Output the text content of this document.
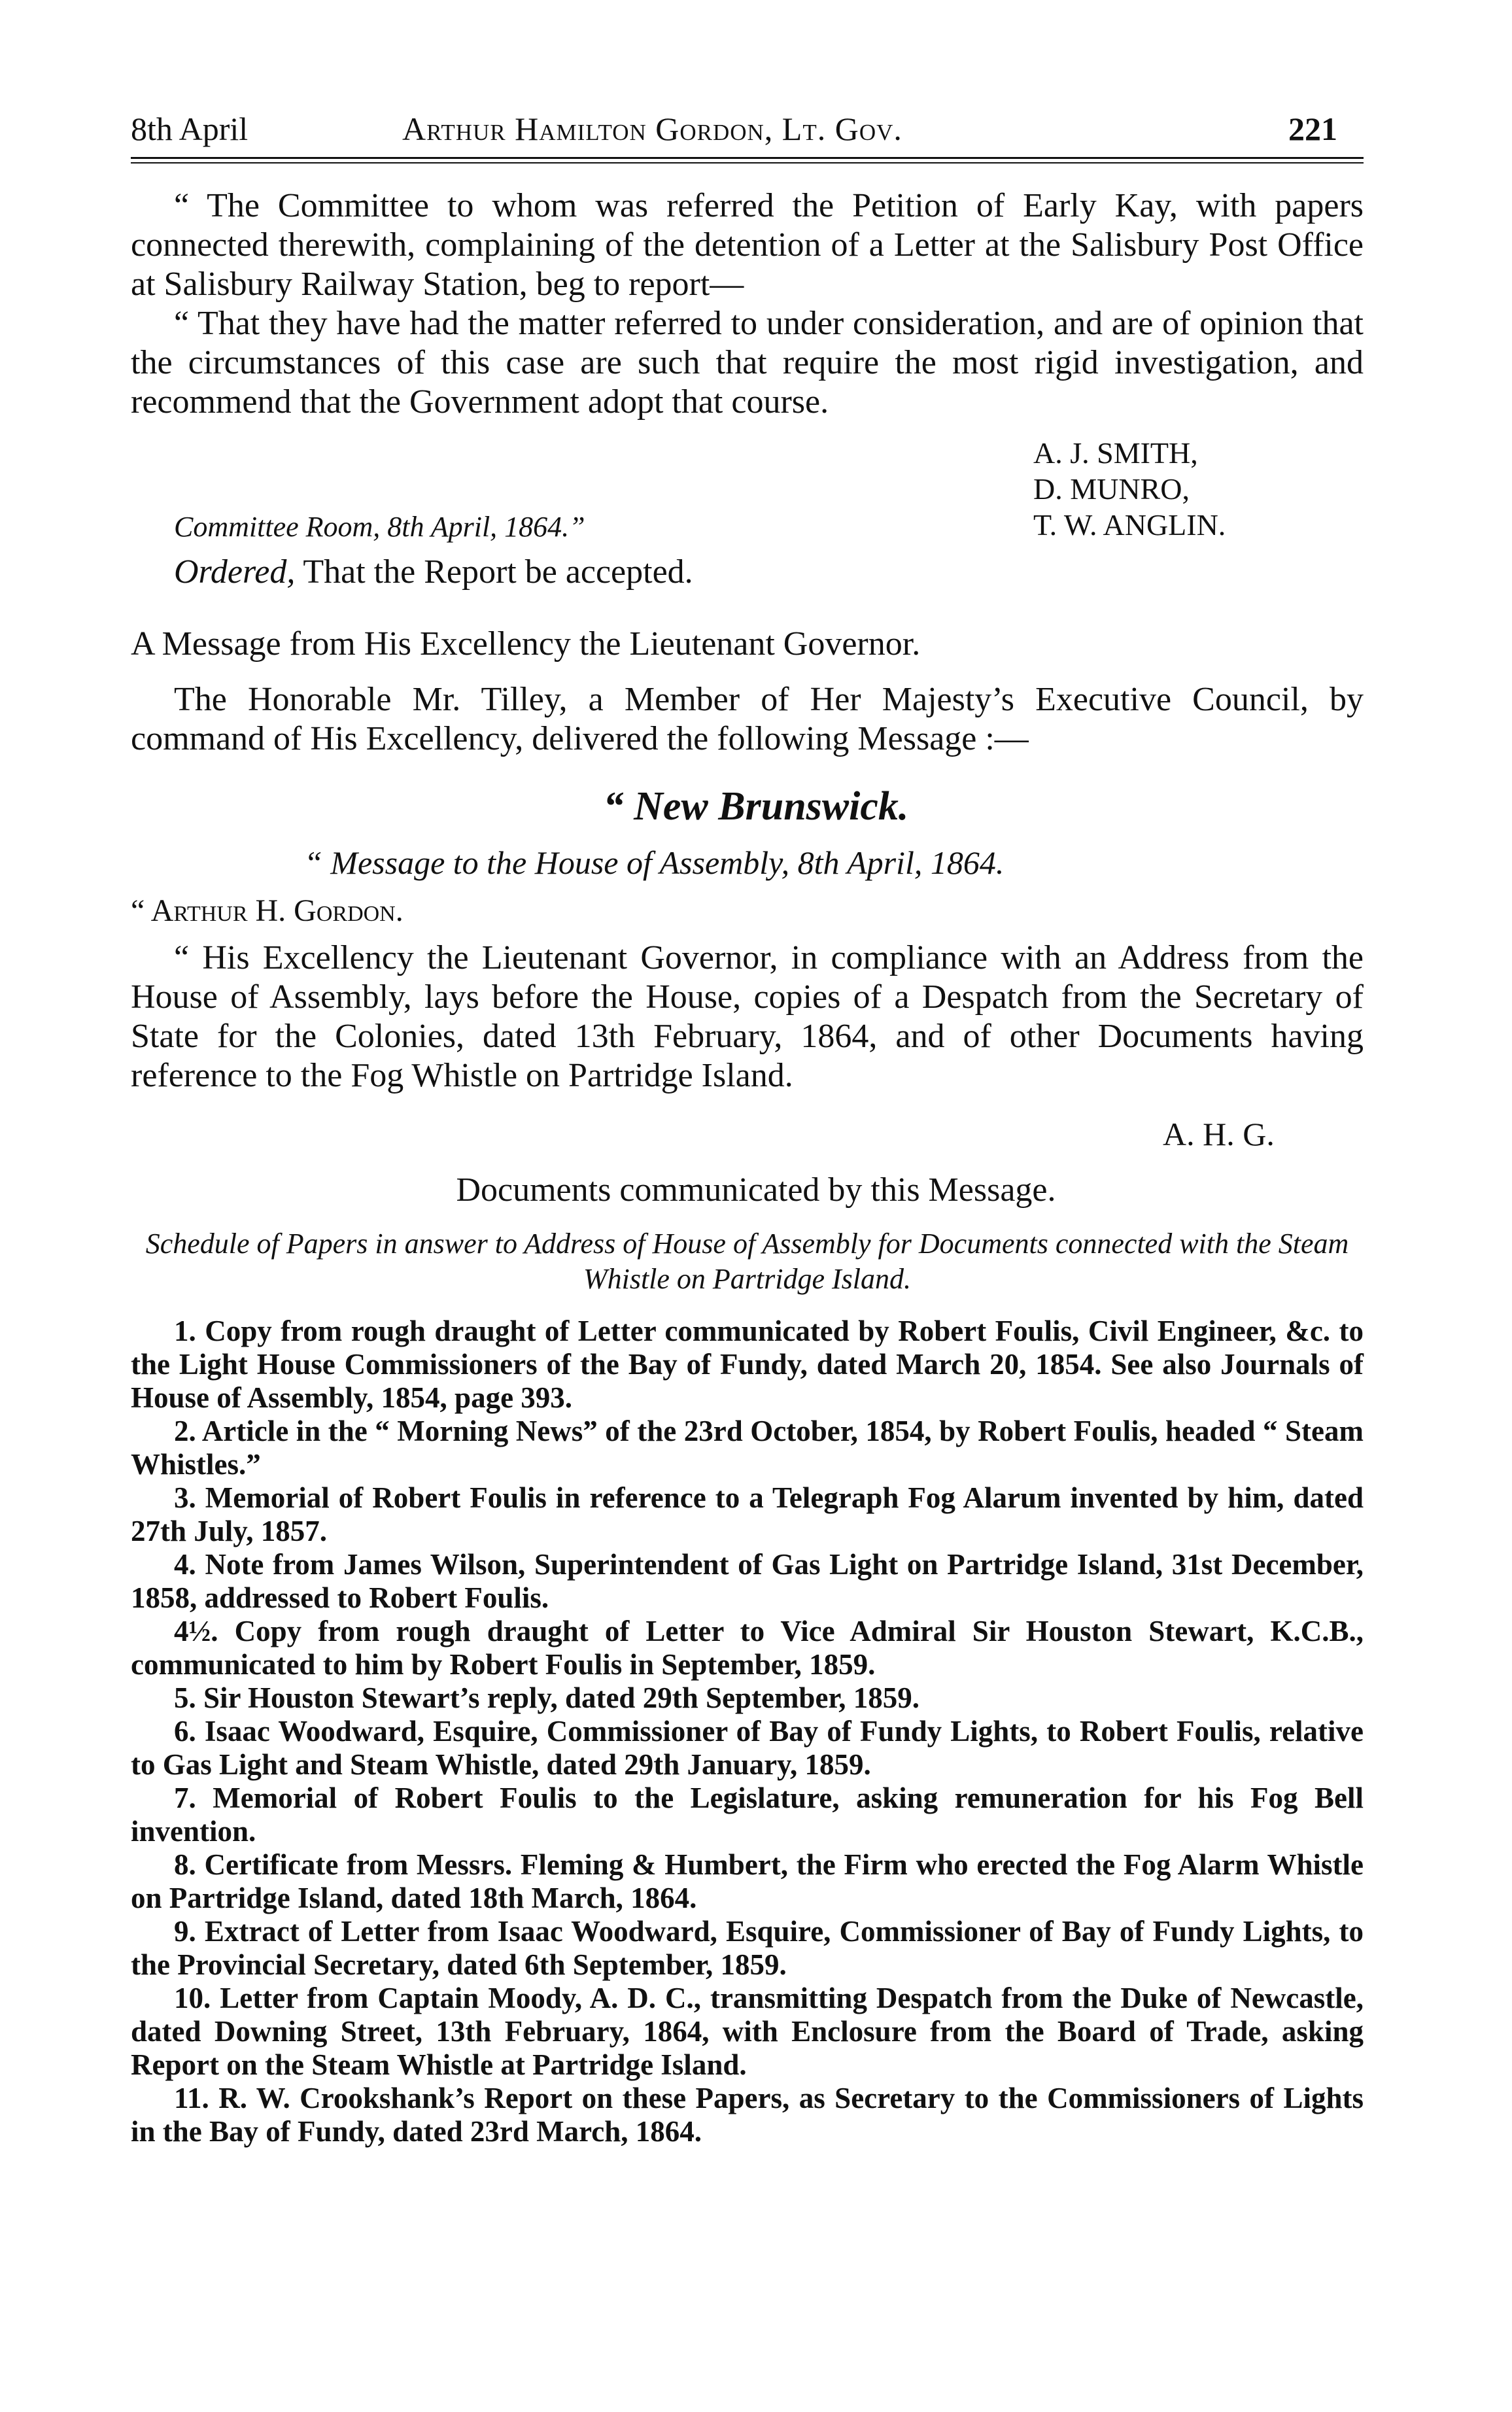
8th April	Arthur Hamilton Gordon, Lt. Gov.	221

“ The Committee to whom was referred the Petition of Early Kay, with papers connected therewith, complaining of the detention of a Letter at the Salisbury Post Office at Salisbury Railway Station, beg to report—

“ That they have had the matter referred to under consideration, and are of opinion that the circumstances of this case are such that require the most rigid investigation, and recommend that the Government adopt that course.

A. J. SMITH,
D. MUNRO,
T. W. ANGLIN.
Committee Room, 8th April, 1864.”
Ordered, That the Report be accepted.
A Message from His Excellency the Lieutenant Governor.

The Honorable Mr. Tilley, a Member of Her Majesty’s Executive Council, by command of His Excellency, delivered the following Message :—

“ New Brunswick.
“ Message to the House of Assembly, 8th April, 1864.
“ Arthur H. Gordon.

“ His Excellency the Lieutenant Governor, in compliance with an Address from the House of Assembly, lays before the House, copies of a Despatch from the Secretary of State for the Colonies, dated 13th February, 1864, and of other Documents having reference to the Fog Whistle on Partridge Island.

A. H. G.
Documents communicated by this Message.
Schedule of Papers in answer to Address of House of Assembly for Documents connected with the Steam Whistle on Partridge Island.

1. Copy from rough draught of Letter communicated by Robert Foulis, Civil Engineer, &c. to the Light House Commissioners of the Bay of Fundy, dated March 20, 1854. See also Journals of House of Assembly, 1854, page 393.

2. Article in the “ Morning News” of the 23rd October, 1854, by Robert Foulis, headed “ Steam Whistles.”

3. Memorial of Robert Foulis in reference to a Telegraph Fog Alarum invented by him, dated 27th July, 1857.

4. Note from James Wilson, Superintendent of Gas Light on Partridge Island, 31st December, 1858, addressed to Robert Foulis.

4½. Copy from rough draught of Letter to Vice Admiral Sir Houston Stewart, K.C.B., communicated to him by Robert Foulis in September, 1859.

5. Sir Houston Stewart’s reply, dated 29th September, 1859.

6. Isaac Woodward, Esquire, Commissioner of Bay of Fundy Lights, to Robert Foulis, relative to Gas Light and Steam Whistle, dated 29th January, 1859.

7. Memorial of Robert Foulis to the Legislature, asking remuneration for his Fog Bell invention.

8. Certificate from Messrs. Fleming & Humbert, the Firm who erected the Fog Alarm Whistle on Partridge Island, dated 18th March, 1864.

9. Extract of Letter from Isaac Woodward, Esquire, Commissioner of Bay of Fundy Lights, to the Provincial Secretary, dated 6th September, 1859.

10. Letter from Captain Moody, A. D. C., transmitting Despatch from the Duke of Newcastle, dated Downing Street, 13th February, 1864, with Enclosure from the Board of Trade, asking Report on the Steam Whistle at Partridge Island.

11. R. W. Crookshank’s Report on these Papers, as Secretary to the Commissioners of Lights in the Bay of Fundy, dated 23rd March, 1864.
